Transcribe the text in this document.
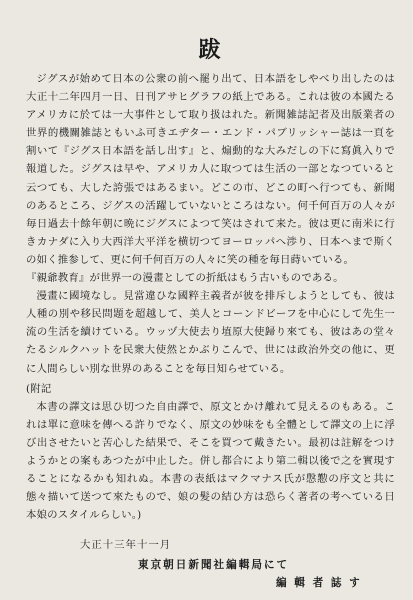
跋

ジグスが始めて日本の公衆の前へ罷り出て、日本語をしやべり出したのは大正十二年四月一日、日刊アサヒグラフの紙上である。これは彼の本國たるアメリカに於ては一大事件として取り扱はれた。新聞雑誌記者及出版業者の世界的機關雑誌ともいふ可きエヂター・エンド・パブリッシャー誌は一頁を割いて『ジグス日本語を話し出す』と、煽動的な大みだしの下に寫眞入りで報道した。ジグスは早や、アメリカ人に取つては生活の一部となつていると云つても、大した誇張ではあるまい。どこの市、どこの町へ行つても、新聞のあるところ、ジグスの活躍していないところはない。何千何百万の人々が毎日過去十餘年朝に晩にジグスによつて笑はされて来た。彼は更に南米に行きカナダに入り大西洋大平洋を横切つてヨーロッパへ渉り、日本へまで斯くの如く推参して、更に何千何百万の人々に笑の種を毎日蒔いている。

『親爺教育』が世界一の漫畫としての折紙はもう古いものである。

漫畫に國境なし。見當違ひな國粹主義者が彼を排斥しようとしても、彼は人種の別や移民問題を超越して、美人とコーンドビーフを中心にして先生一流の生活を續けている。ウッヅ大使去り埴原大使歸り來ても、彼はあの堂々たるシルクハットを民衆大使然とかぶりこんで、世には政治外交の他に、更に人間らしい別な世界のあることを毎日知らせている。

(附記

本書の譯文は思ひ切つた自由譯で、原文とかけ離れて見えるのもある。これは單に意味を傳へる許りでなく、原文の妙味をも全體として譯文の上に浮び出させたいと苦心した結果で、そこを買つて戴きたい。最初は註解をつけようかとの案もあつたが中止した。併し都合により第二輯以後で之を實現することになるかも知れぬ。本書の表紙はマクマナス氏が慇懃の序文と共に態々描いて送つて來たもので、娘の髪の結ひ方は恐らく著者の考へている日本娘のスタイルらしい。)

大正十三年十一月
東京朝日新聞社編輯局にて
編 輯 者 誌 す
